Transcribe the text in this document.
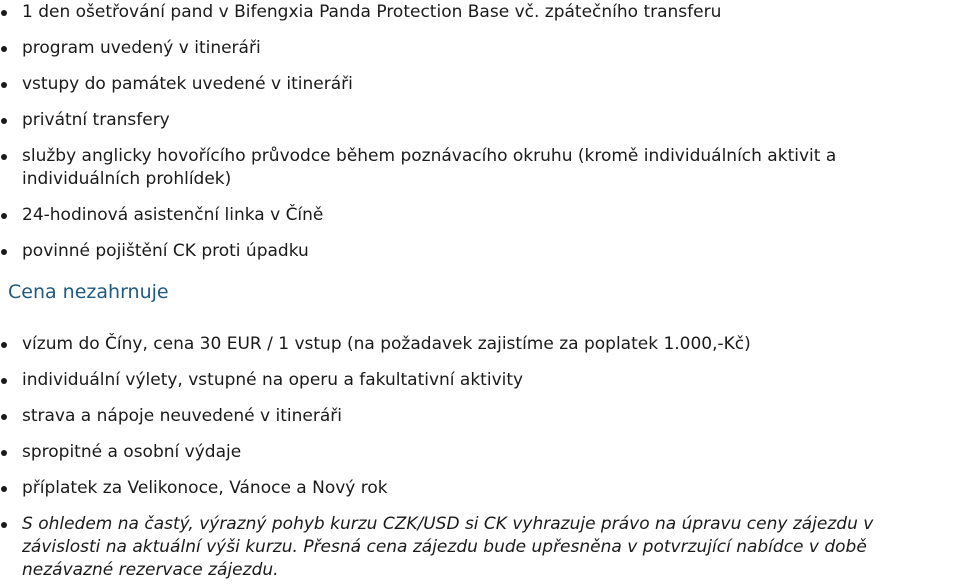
1 den ošetřování pand v Bifengxia Panda Protection Base vč. zpátečního transferu
program uvedený v itineráři
vstupy do památek uvedené v itineráři
privátní transfery
služby anglicky hovořícího průvodce během poznávacího okruhu (kromě individuálních aktivit a individuálních prohlídek)
24-hodinová asistenční linka v Číně
povinné pojištění CK proti úpadku
Cena nezahrnuje
vízum do Číny, cena 30 EUR / 1 vstup (na požadavek zajistíme za poplatek 1.000,-Kč)
individuální výlety, vstupné na operu a fakultativní aktivity
strava a nápoje neuvedené v itineráři
spropitné a osobní výdaje
příplatek za Velikonoce, Vánoce a Nový rok
S ohledem na častý, výrazný pohyb kurzu CZK/USD si CK vyhrazuje právo na úpravu ceny zájezdu v závislosti na aktuální výši kurzu. Přesná cena zájezdu bude upřesněna v potvrzující nabídce v době nezávazné rezervace zájezdu.
